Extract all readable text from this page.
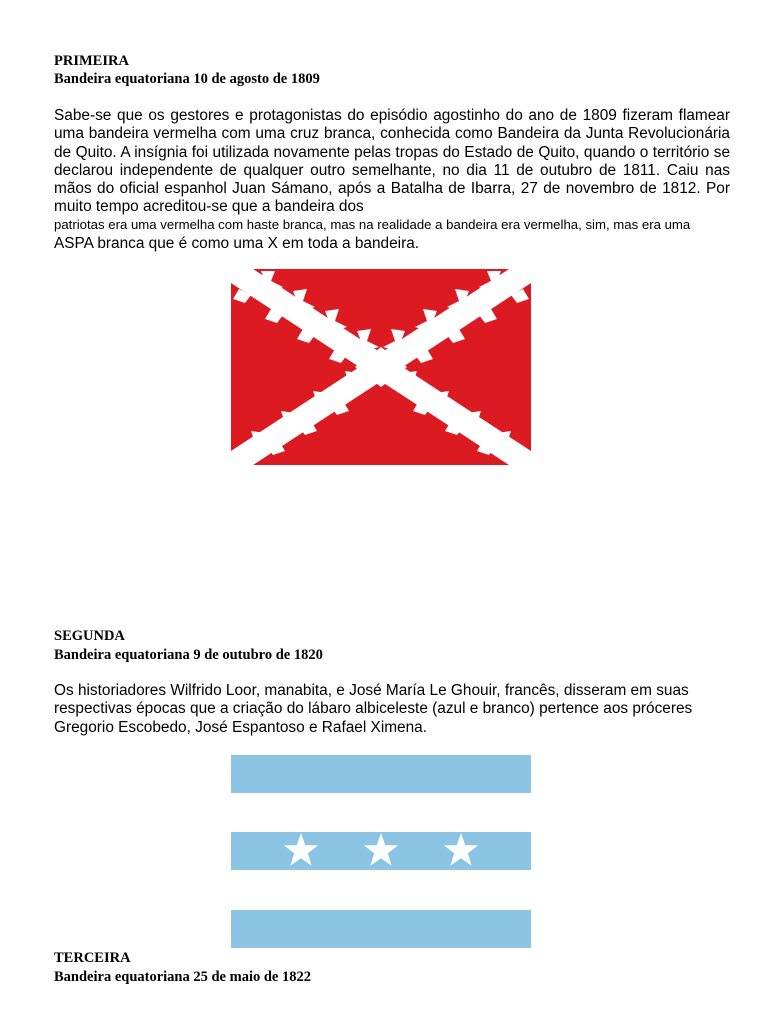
PRIMEIRA
Bandeira equatoriana 10 de agosto de 1809
Sabe-se que os gestores e protagonistas do episódio agostinho do ano de 1809 fizeram flamear uma bandeira vermelha com uma cruz branca, conhecida como Bandeira da Junta Revolucionária de Quito. A insígnia foi utilizada novamente pelas tropas do Estado de Quito, quando o território se declarou independente de qualquer outro semelhante, no dia 11 de outubro de 1811. Caiu nas mãos do oficial espanhol Juan Sámano, após a Batalha de Ibarra, 27 de novembro de 1812. Por muito tempo acreditou-se que a bandeira dos
patriotas era uma vermelha com haste branca, mas na realidade a bandeira era vermelha, sim, mas era uma
ASPA branca que é como uma X em toda a bandeira.
SEGUNDA
Bandeira equatoriana 9 de outubro de 1820
Os historiadores Wilfrido Loor, manabita, e José María Le Ghouir, francês, disseram em suas respectivas épocas que a criação do lábaro albiceleste (azul e branco) pertence aos próceres Gregorio Escobedo, José Espantoso e Rafael Ximena.
TERCEIRA
Bandeira equatoriana 25 de maio de 1822
